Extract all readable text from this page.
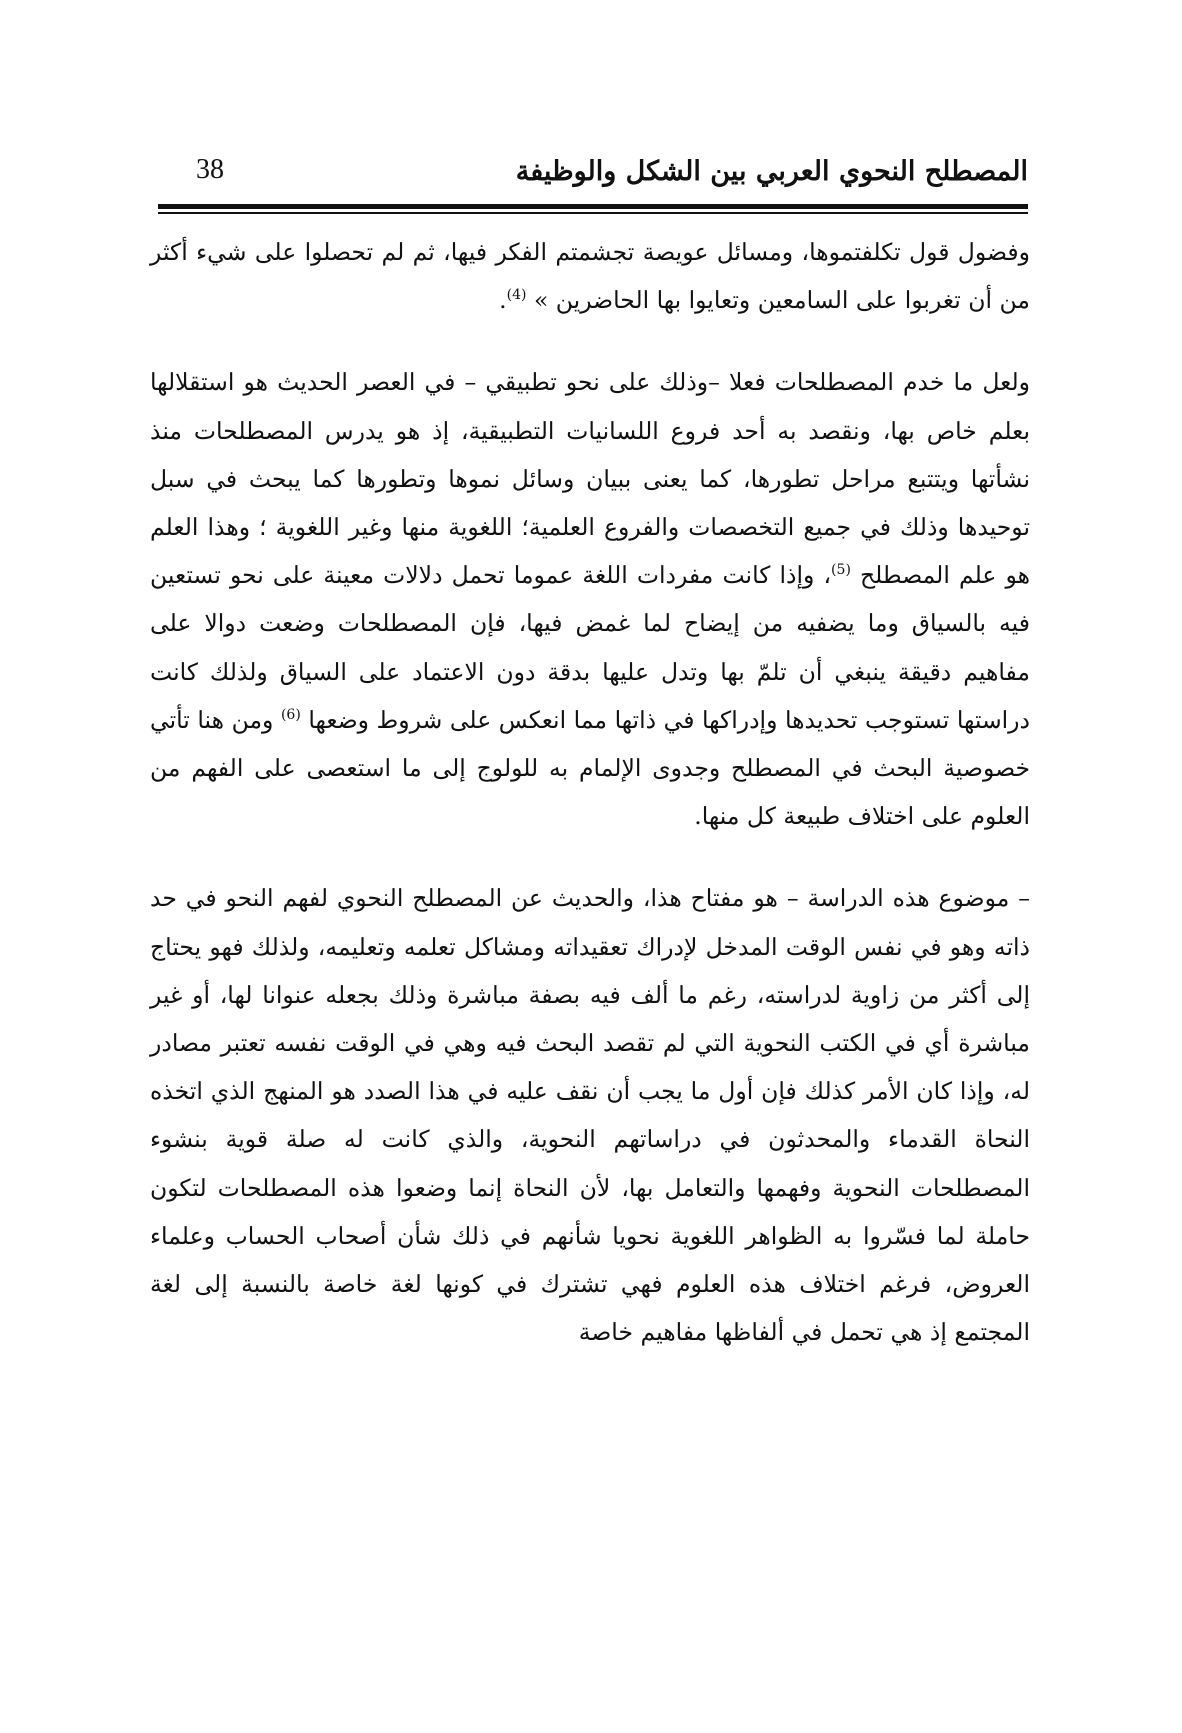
المصطلح النحوي العربي بين الشكل والوظيفة
38

وفضول قول تكلفتموها، ومسائل عويصة تجشمتم الفكر فيها، ثم لم تحصلوا على شيء أكثر من أن تغربوا على السامعين وتعايوا بها الحاضرين » $^{(4)}$.

ولعل ما خدم المصطلحات فعلا –وذلك على نحو تطبيقي – في العصر الحديث هو استقلالها بعلم خاص بها، ونقصد به أحد فروع اللسانيات التطبيقية، إذ هو يدرس المصطلحات منذ نشأتها ويتتبع مراحل تطورها، كما يعنى ببيان وسائل نموها وتطورها كما يبحث في سبل توحيدها وذلك في جميع التخصصات والفروع العلمية؛ اللغوية منها وغير اللغوية ؛ وهذا العلم هو علم المصطلح $^{(5)}$، وإذا كانت مفردات اللغة عموما تحمل دلالات معينة على نحو تستعين فيه بالسياق وما يضفيه من إيضاح لما غمض فيها، فإن المصطلحات وضعت دوالا على مفاهيم دقيقة ينبغي أن تلمّ بها وتدل عليها بدقة دون الاعتماد على السياق ولذلك كانت دراستها تستوجب تحديدها وإدراكها في ذاتها مما انعكس على شروط وضعها $^{(6)}$ ومن هنا تأتي خصوصية البحث في المصطلح وجدوى الإلمام به للولوج إلى ما استعصى على الفهم من العلوم على اختلاف طبيعة كل منها.

– موضوع هذه الدراسة – هو مفتاح هذا، والحديث عن المصطلح النحوي لفهم النحو في حد ذاته وهو في نفس الوقت المدخل لإدراك تعقيداته ومشاكل تعلمه وتعليمه، ولذلك فهو يحتاج إلى أكثر من زاوية لدراسته، رغم ما ألف فيه بصفة مباشرة وذلك بجعله عنوانا لها، أو غير مباشرة أي في الكتب النحوية التي لم تقصد البحث فيه وهي في الوقت نفسه تعتبر مصادر له، وإذا كان الأمر كذلك فإن أول ما يجب أن نقف عليه في هذا الصدد هو المنهج الذي اتخذه النحاة القدماء والمحدثون في دراساتهم النحوية، والذي كانت له صلة قوية بنشوء المصطلحات النحوية وفهمها والتعامل بها، لأن النحاة إنما وضعوا هذه المصطلحات لتكون حاملة لما فسّروا به الظواهر اللغوية نحويا شأنهم في ذلك شأن أصحاب الحساب وعلماء العروض، فرغم اختلاف هذه العلوم فهي تشترك في كونها لغة خاصة بالنسبة إلى لغة المجتمع إذ هي تحمل في ألفاظها مفاهيم خاصة
